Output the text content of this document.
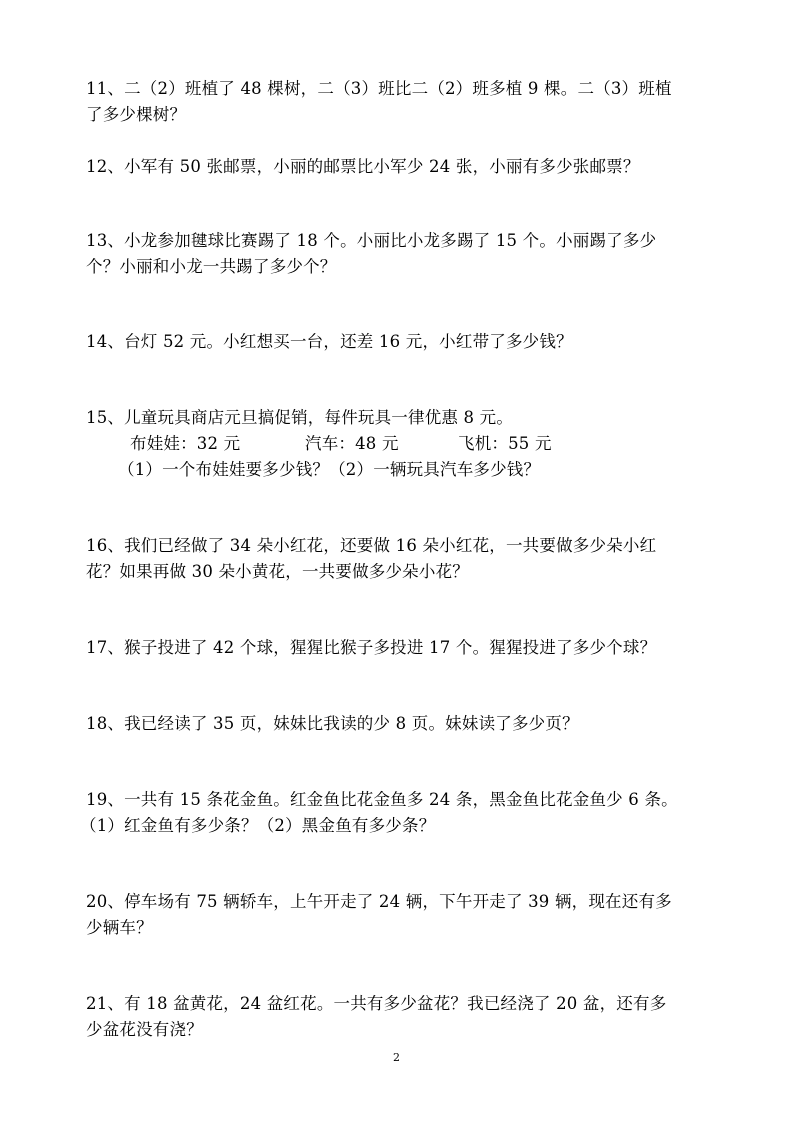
11、二（2）班植了 48 棵树，二（3）班比二（2）班多植 9 棵。二（3）班植
了多少棵树？
12、小军有 50 张邮票，小丽的邮票比小军少 24 张，小丽有多少张邮票？
13、小龙参加毽球比赛踢了 18 个。小丽比小龙多踢了 15 个。小丽踢了多少
个？小丽和小龙一共踢了多少个？
14、台灯 52 元。小红想买一台，还差 16 元，小红带了多少钱？
15、儿童玩具商店元旦搞促销，每件玩具一律优惠 8 元。
布娃娃：32 元	汽车：48 元	飞机：55 元
（1）一个布娃娃要多少钱？（2）一辆玩具汽车多少钱？
16、我们已经做了 34 朵小红花，还要做 16 朵小红花，一共要做多少朵小红
花？如果再做 30 朵小黄花，一共要做多少朵小花？
17、猴子投进了 42 个球，猩猩比猴子多投进 17 个。猩猩投进了多少个球？
18、我已经读了 35 页，妹妹比我读的少 8 页。妹妹读了多少页？
19、一共有 15 条花金鱼。红金鱼比花金鱼多 24 条，黑金鱼比花金鱼少 6 条。
（1）红金鱼有多少条？（2）黑金鱼有多少条？
20、停车场有 75 辆轿车，上午开走了 24 辆，下午开走了 39 辆，现在还有多
少辆车？
21、有 18 盆黄花，24 盆红花。一共有多少盆花？我已经浇了 20 盆，还有多
少盆花没有浇？
2
